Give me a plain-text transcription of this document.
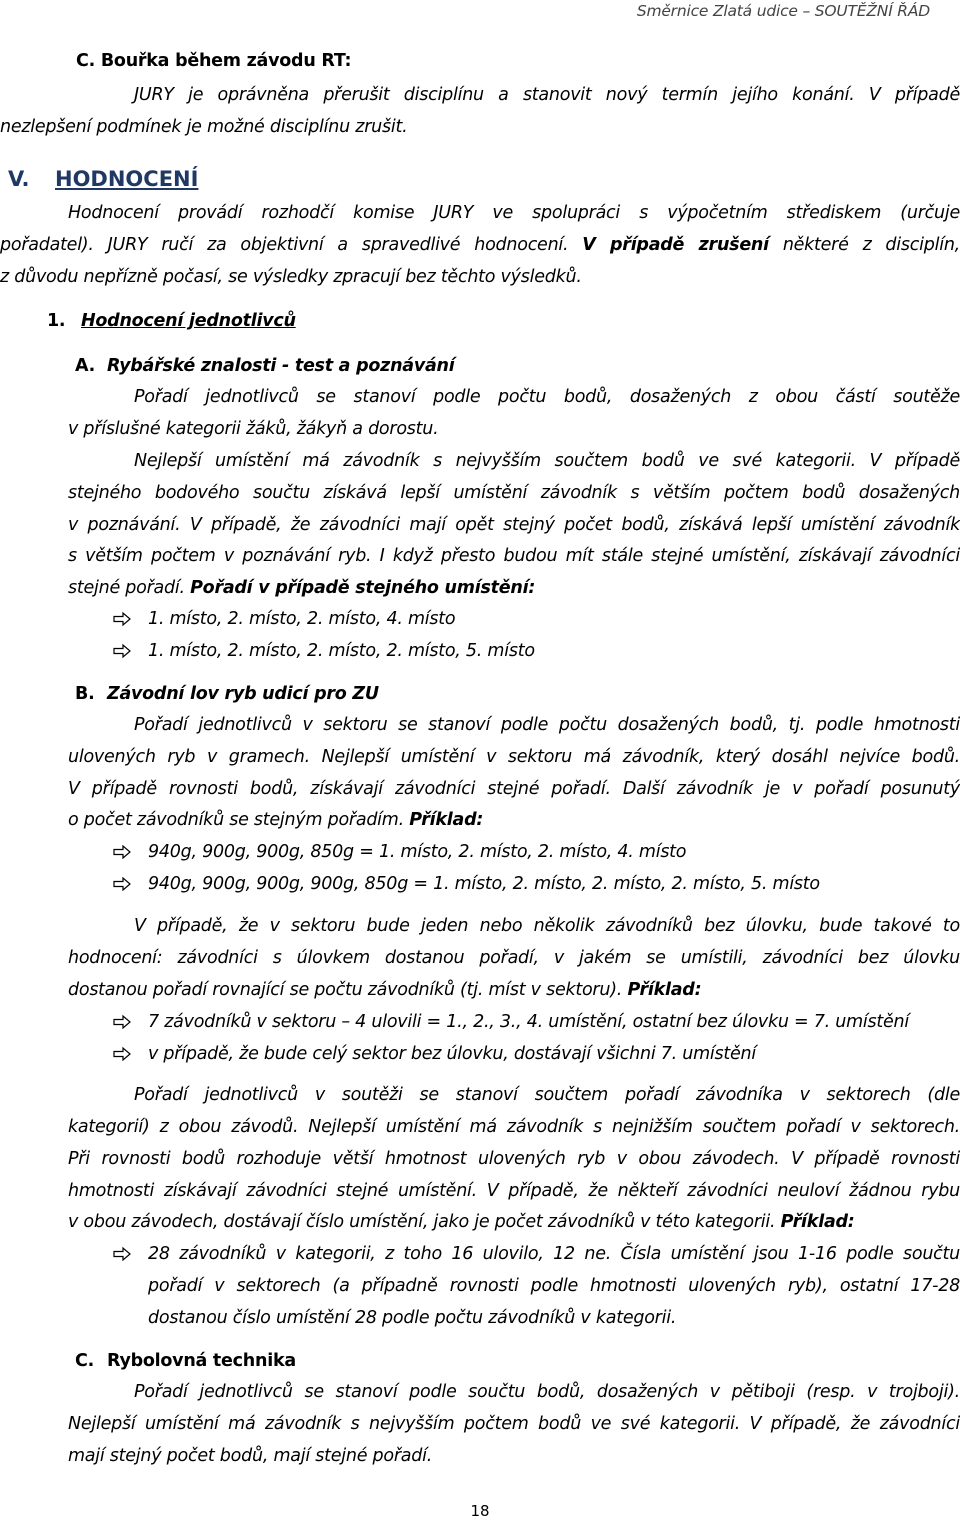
Směrnice Zlatá udice – SOUTĚŽNÍ ŘÁD

C. Bouřka během závodu RT:

JURY je oprávněna přerušit disciplínu a stanovit nový termín jejího konání. V případě

nezlepšení podmínek je možné disciplínu zrušit.

V. HODNOCENÍ

Hodnocení provádí rozhodčí komise JURY ve spolupráci s výpočetním střediskem (určuje

pořadatel). JURY ručí za objektivní a spravedlivé hodnocení. V případě zrušení některé z disciplín,

z důvodu nepřízně počasí, se výsledky zpracují bez těchto výsledků.

1. Hodnocení jednotlivců

A. Rybářské znalosti - test a poznávání

Pořadí jednotlivců se stanoví podle počtu bodů, dosažených z obou částí soutěže

v příslušné kategorii žáků, žákyň a dorostu.

Nejlepší umístění má závodník s nejvyšším součtem bodů ve své kategorii. V případě

stejného bodového součtu získává lepší umístění závodník s větším počtem bodů dosažených

v poznávání. V případě, že závodníci mají opět stejný počet bodů, získává lepší umístění závodník

s větším počtem v poznávání ryb. I když přesto budou mít stále stejné umístění, získávají závodníci

stejné pořadí. Pořadí v případě stejného umístění:

1. místo, 2. místo, 2. místo, 4. místo
1. místo, 2. místo, 2. místo, 2. místo, 5. místo

B. Závodní lov ryb udicí pro ZU

Pořadí jednotlivců v sektoru se stanoví podle počtu dosažených bodů, tj. podle hmotnosti

ulovených ryb v gramech. Nejlepší umístění v sektoru má závodník, který dosáhl nejvíce bodů.

V případě rovnosti bodů, získávají závodníci stejné pořadí. Další závodník je v pořadí posunutý

o počet závodníků se stejným pořadím. Příklad:

940g, 900g, 900g, 850g = 1. místo, 2. místo, 2. místo, 4. místo
940g, 900g, 900g, 900g, 850g = 1. místo, 2. místo, 2. místo, 2. místo, 5. místo

V případě, že v sektoru bude jeden nebo několik závodníků bez úlovku, bude takové to

hodnocení: závodníci s úlovkem dostanou pořadí, v jakém se umístili, závodníci bez úlovku

dostanou pořadí rovnající se počtu závodníků (tj. míst v sektoru). Příklad:

7 závodníků v sektoru – 4 ulovili = 1., 2., 3., 4. umístění, ostatní bez úlovku = 7. umístění
v případě, že bude celý sektor bez úlovku, dostávají všichni 7. umístění

Pořadí jednotlivců v soutěži se stanoví součtem pořadí závodníka v sektorech (dle

kategorií) z obou závodů. Nejlepší umístění má závodník s nejnižším součtem pořadí v sektorech.

Při rovnosti bodů rozhoduje větší hmotnost ulovených ryb v obou závodech. V případě rovnosti

hmotnosti získávají závodníci stejné umístění. V případě, že někteří závodníci neuloví žádnou rybu

v obou závodech, dostávají číslo umístění, jako je počet závodníků v této kategorii. Příklad:

28 závodníků v kategorii, z toho 16 ulovilo, 12 ne. Čísla umístění jsou 1-16 podle součtu

pořadí v sektorech (a případně rovnosti podle hmotnosti ulovených ryb), ostatní 17-28

dostanou číslo umístění 28 podle počtu závodníků v kategorii.

C. Rybolovná technika

Pořadí jednotlivců se stanoví podle součtu bodů, dosažených v pětiboji (resp. v trojboji).

Nejlepší umístění má závodník s nejvyšším počtem bodů ve své kategorii. V případě, že závodníci

mají stejný počet bodů, mají stejné pořadí.

18
